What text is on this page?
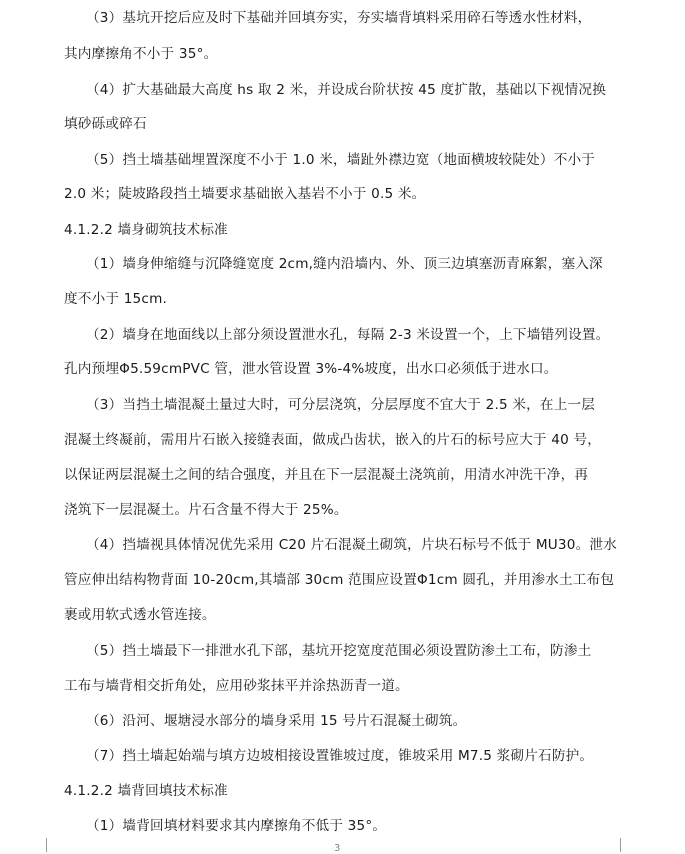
（3）基坑开挖后应及时下基础并回填夯实，夯实墙背填料采用碎石等透水性材料，
其内摩擦角不小于 35°。
（4）扩大基础最大高度 hs 取 2 米，并设成台阶状按 45 度扩散，基础以下视情况换
填砂砾或碎石
（5）挡土墙基础埋置深度不小于 1.0 米，墙趾外襟边宽（地面横坡较陡处）不小于
2.0 米；陡坡路段挡土墙要求基础嵌入基岩不小于 0.5 米。
4.1.2.2 墙身砌筑技术标准
（1）墙身伸缩缝与沉降缝宽度 2cm,缝内沿墙内、外、顶三边填塞沥青麻絮，塞入深
度不小于 15cm.
（2）墙身在地面线以上部分须设置泄水孔，每隔 2-3 米设置一个，上下墙错列设置。
孔内预埋Φ5.59cmPVC 管，泄水管设置 3%-4%坡度，出水口必须低于进水口。
（3）当挡土墙混凝土量过大时，可分层浇筑，分层厚度不宜大于 2.5 米，在上一层
混凝土终凝前，需用片石嵌入接缝表面，做成凸齿状，嵌入的片石的标号应大于 40 号，
以保证两层混凝土之间的结合强度，并且在下一层混凝土浇筑前，用清水冲洗干净，再
浇筑下一层混凝土。片石含量不得大于 25%。
（4）挡墙视具体情况优先采用 C20 片石混凝土砌筑，片块石标号不低于 MU30。泄水
管应伸出结构物背面 10-20cm,其墙部 30cm 范围应设置Φ1cm 圆孔，并用渗水土工布包
裹或用软式透水管连接。
（5）挡土墙最下一排泄水孔下部，基坑开挖宽度范围必须设置防渗土工布，防渗土
工布与墙背相交折角处，应用砂浆抹平并涂热沥青一道。
（6）沿河、堰塘浸水部分的墙身采用 15 号片石混凝土砌筑。
（7）挡土墙起始端与填方边坡相接设置锥坡过度，锥坡采用 M7.5 浆砌片石防护。
4.1.2.2 墙背回填技术标准
（1）墙背回填材料要求其内摩擦角不低于 35°。
3
